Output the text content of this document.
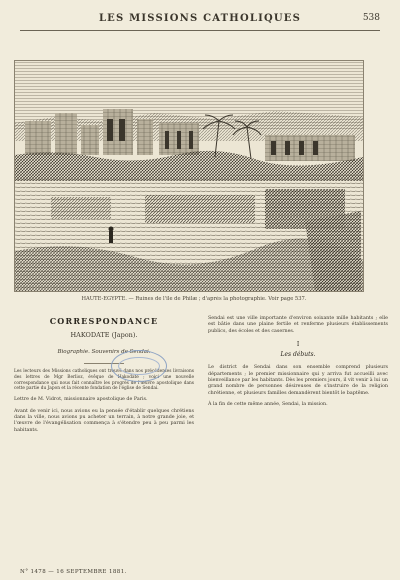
LES MISSIONS CATHOLIQUES	538
HAUTE-ÉGYPTE. — Ruines de l'île de Philæ ; d'après la photographie. Voir page 537.
CORRESPONDANCE
HAKODATE (Japon).
Biographie. Souvenirs de Sendai.
Les lecteurs des Missions catholiques ont trouvé dans nos précédentes livraisons des lettres de Mgr Berlioz, évêque de Hakodate ; voici une nouvelle correspondance qui nous fait connaître les progrès de l'œuvre apostolique dans cette partie du Japon et la récente fondation de l'église de Sendai.
Lettre de M. Vidrot, missionnaire apostolique de Paris.
Avant de venir ici, nous avions eu la pensée d'établir quelques chrétiens dans la ville, nous avions pu acheter un terrain, à notre grande joie, et l'œuvre de l'évangélisation commença à s'étendre peu à peu parmi les habitants.
Sendai est une ville importante d'environ soixante mille habitants ; elle est bâtie dans une plaine fertile et renferme plusieurs établissements publics, des écoles et des casernes.
I
Les débuts.
Le district de Sendai dans son ensemble comprend plusieurs départements ; le premier missionnaire qui y arriva fut accueilli avec bienveillance par les habitants. Dès les premiers jours, il vit venir à lui un grand nombre de personnes désireuses de s'instruire de la religion chrétienne, et plusieurs familles demandèrent bientôt le baptême.
À la fin de cette même année, Sendai, la mission.
N° 1478 — 16 SEPTEMBRE 1881.
